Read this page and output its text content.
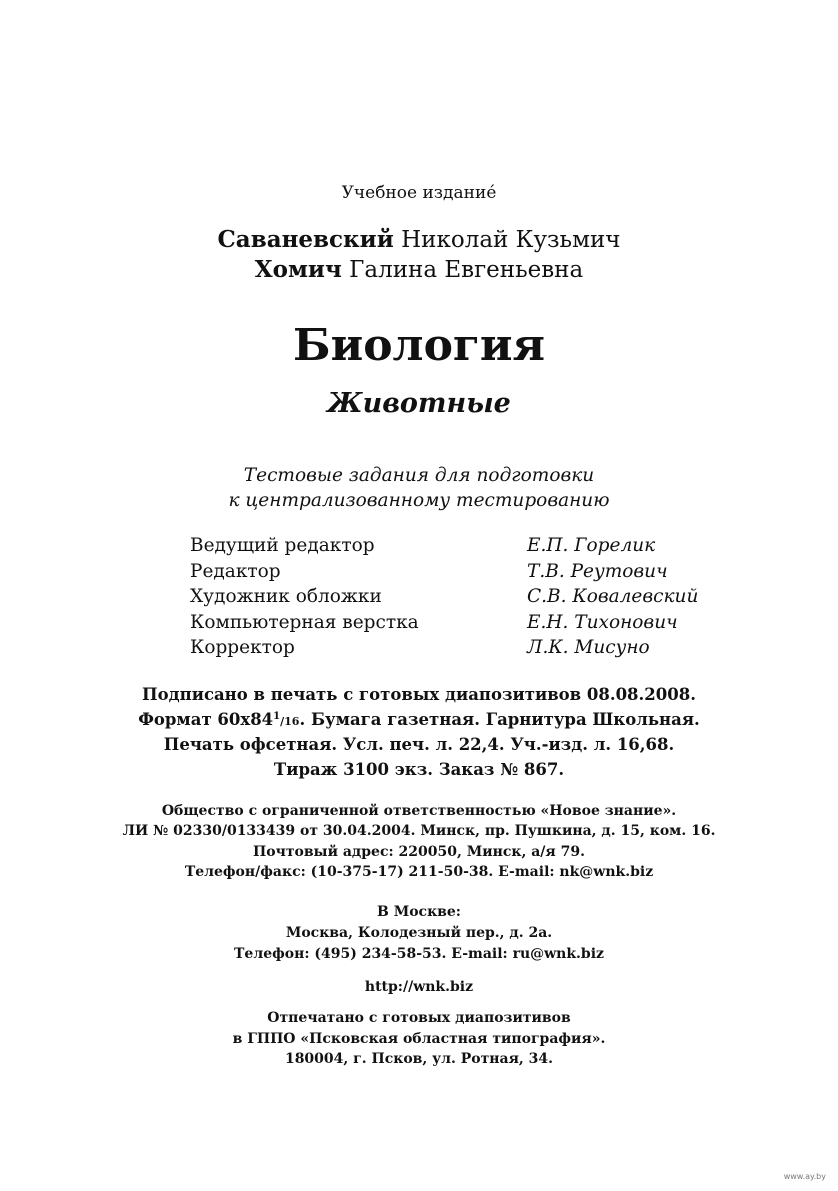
Учебное издание́
Саваневский Николай Кузьмич
Хомич Галина Евгеньевна
Биология
Животные
Тестовые задания для подготовки
к централизованному тестированию
Ведущий редактор	Е.П. Горелик
Редактор	Т.В. Реутович
Художник обложки	С.В. Ковалевский
Компьютерная верстка	Е.Н. Тихонович
Корректор	Л.К. Мисуно
Подписано в печать с готовых диапозитивов 08.08.2008.
Формат $60x84^1/16$. Бумага газетная. Гарнитура Школьная.
Печать офсетная. Усл. печ. л. 22,4. Уч.-изд. л. 16,68.
Тираж 3100 экз. Заказ № 867.
Общество с ограниченной ответственностью «Новое знание».
ЛИ № 02330/0133439 от 30.04.2004. Минск, пр. Пушкина, д. 15, ком. 16.
Почтовый адрес: 220050, Минск, а/я 79.
Телефон/факс: (10-375-17) 211-50-38. E-mail: nk@wnk.biz
В Москве:
Москва, Колодезный пер., д. 2а.
Телефон: (495) 234-58-53. E-mail: ru@wnk.biz
http://wnk.biz
Отпечатано с готовых диапозитивов
в ГППО «Псковская областная типография».
180004, г. Псков, ул. Ротная, 34.
www.ay.by
